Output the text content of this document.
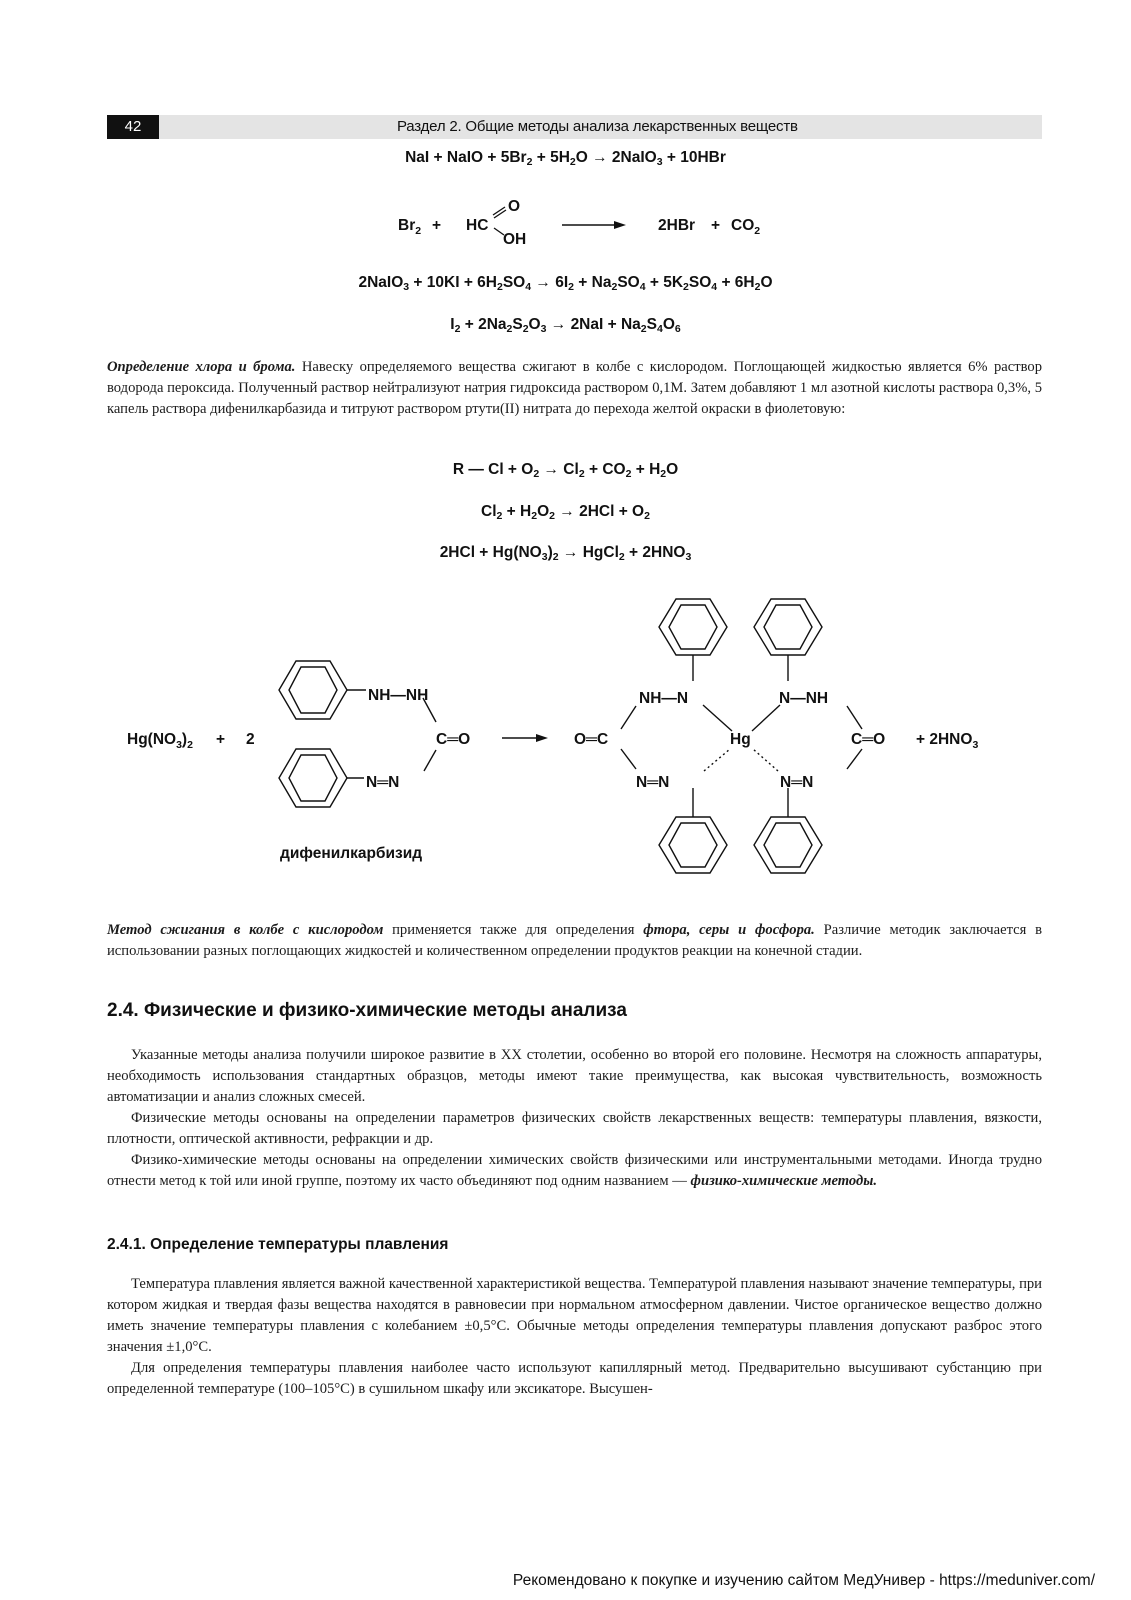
42	Раздел 2. Общие методы анализа лекарственных веществ
NaI + NaIO + $5Br_2 + 5H_2O$ → 2NaIO$_3$ + 10HBr
$Br_2$ + HC
O
OH
$2HBr + CO_2$
2NaIO$_3$ + $10KI + 6H_2SO_4 \to 6I_2 + Na_2SO_4 + 5K_2SO_4 + 6H_2O$
$I_2 + 2Na_2S_2O_3 \to 2NaI + Na_2S_4O_6$
Определение хлора и брома. Навеску определяемого вещества сжигают в колбе с кислородом. Поглощающей жидкостью является 6% раствор водорода пероксида. Полученный раствор нейтрализуют натрия гидроксида раствором 0,1М. Затем добавляют 1 мл азотной кислоты раствора 0,3%, 5 капель раствора дифенилкарбазида и титруют раствором ртути(II) нитрата до перехода желтой окраски в фиолетовую:
R — $Cl + O_2 \to Cl_2 + CO_2 + H_2O$
$Cl_2 + H_2O_2 \to 2HCl + O_2$
$2HCl + Hg(NO_3)_2$ → HgCl$_2$ + $2HNO_3$
$Hg(NO_3)_2 + 2$
NH—NH
C═O
N═N
дифенилкарбизид
O═C
NH—N	N—NH
Hg	C═O
N═N	N═N
+ $2HNO_3$
Метод сжигания в колбе с кислородом применяется также для определения фтора, серы и фосфора. Различие методик заключается в использовании разных поглощающих жидкостей и количественном определении продуктов реакции на конечной стадии.
2.4. Физические и физико-химические методы анализа
Указанные методы анализа получили широкое развитие в XX столетии, особенно во второй его половине. Несмотря на сложность аппаратуры, необходимость использования стандартных образцов, методы имеют такие преимущества, как высокая чувствительность, возможность автоматизации и анализ сложных смесей.
Физические методы основаны на определении параметров физических свойств лекарственных веществ: температуры плавления, вязкости, плотности, оптической активности, рефракции и др.
Физико-химические методы основаны на определении химических свойств физическими или инструментальными методами. Иногда трудно отнести метод к той или иной группе, поэтому их часто объединяют под одним названием — физико-химические методы.
2.4.1. Определение температуры плавления
Температура плавления является важной качественной характеристикой вещества. Температурой плавления называют значение температуры, при котором жидкая и твердая фазы вещества находятся в равновесии при нормальном атмосферном давлении. Чистое органическое вещество должно иметь значение температуры плавления с колебанием ±0,5°С. Обычные методы определения температуры плавления допускают разброс этого значения ±1,0°С.
Для определения температуры плавления наиболее часто используют капиллярный метод. Предварительно высушивают субстанцию при определенной температуре (100–105°С) в сушильном шкафу или эксикаторе. Высушен-
Рекомендовано к покупке и изучению сайтом МедУнивер - https://meduniver.com/
